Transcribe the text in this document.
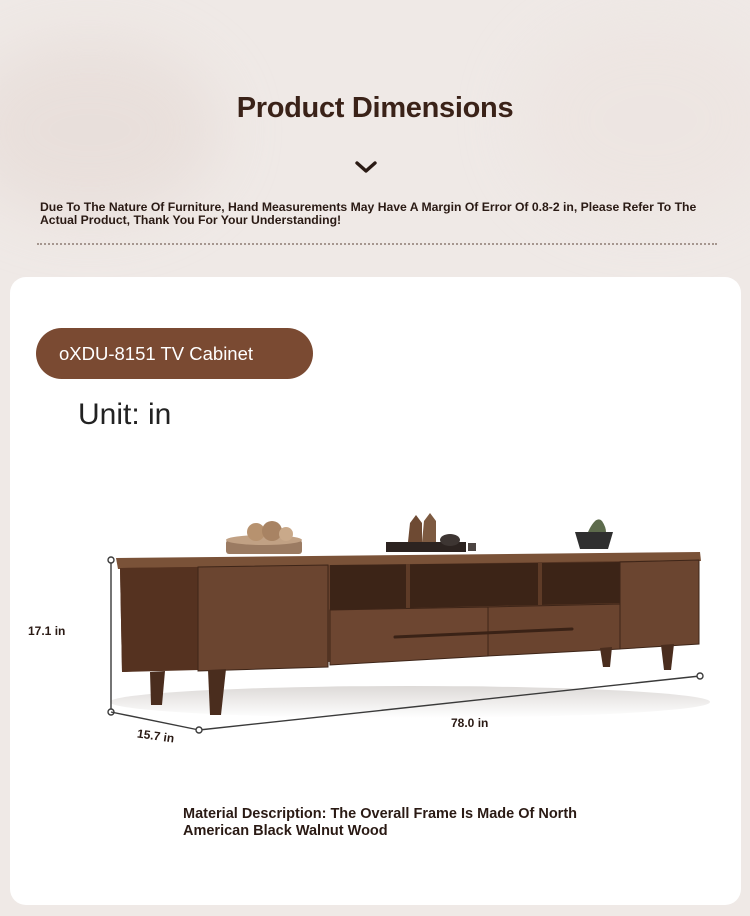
Product Dimensions
Due To The Nature Of Furniture, Hand Measurements May Have A Margin Of Error Of 0.8-2 in, Please Refer To The Actual Product, Thank You For Your Understanding!
oXDU-8151 TV Cabinet
Unit: in
17.1 in
15.7 in
78.0 in
Material Description: The Overall Frame Is Made Of North American Black Walnut Wood
